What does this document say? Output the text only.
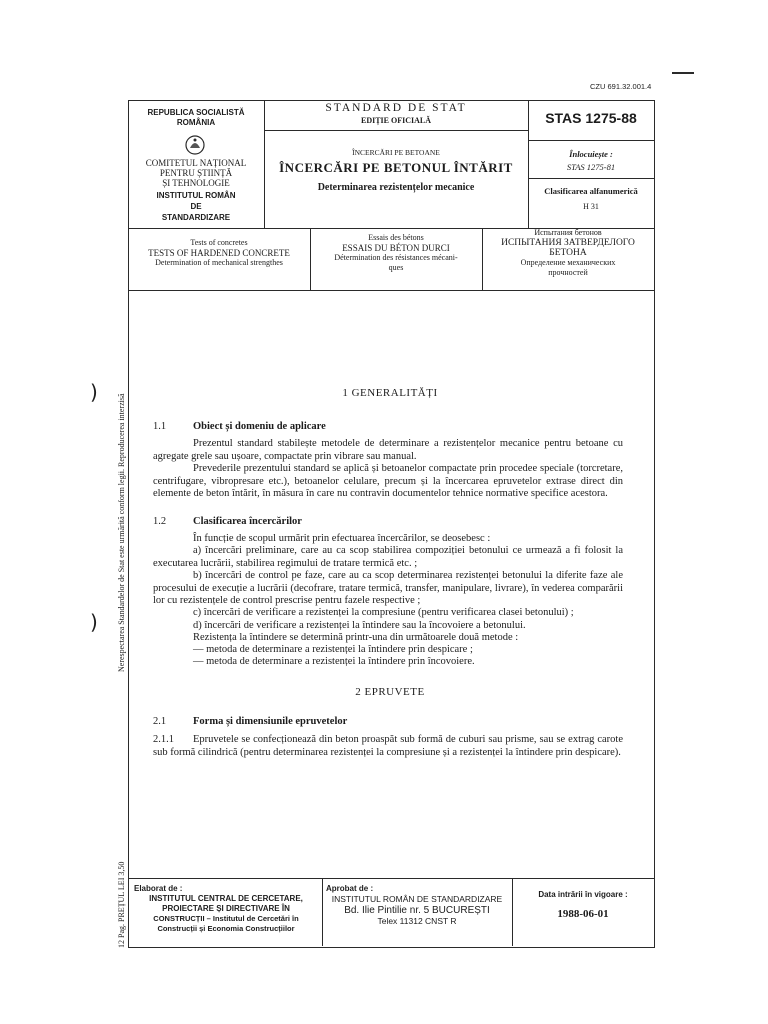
CZU 691.32.001.4
REPUBLICA SOCIALISTĂ
ROMÂNIA
COMITETUL NAȚIONAL
PENTRU ȘTIINȚĂ
ȘI TEHNOLOGIE
INSTITUTUL ROMÂN
DE
STANDARDIZARE
STANDARD DE STAT
EDIȚIE OFICIALĂ
ÎNCERCĂRI PE BETOANE
ÎNCERCĂRI PE BETONUL ÎNTĂRIT
Determinarea rezistențelor mecanice
STAS 1275-88
Înlocuiește :
STAS 1275-81
Clasificarea alfanumerică
H 31
Tests of concretes
TESTS OF HARDENED CONCRETE
Determination of mechanical strengthes
Essais des bétons
ESSAIS DU BÉTON DURCI
Détermination des résistances mécani-
ques
Испытания бетонов
ИСПЫТАНИЯ ЗАТВЕРДЕЛОГО
БЕТОНА
Определение механических
прочностей
Nerespectarea Standardelor de Stat este urmărită conform legii. Reproducerea interzisă
12 Pag. PREȚUL LEI 3,50
)
)
1 GENERALITĂȚI
1.1	Obiect și domeniu de aplicare
Prezentul standard stabilește metodele de determinare a rezistențelor mecanice pentru betoane cu agregate grele sau ușoare, compactate prin vibrare sau manual.
Prevederile prezentului standard se aplică și betoanelor compactate prin procedee speciale (torcretare, centrifugare, vibropresare etc.), betoanelor celulare, precum și la încercarea epruvetelor extrase direct din elemente de beton întărit, în măsura în care nu contravin documentelor tehnice normative specifice acestora.
1.2	Clasificarea încercărilor
În funcție de scopul urmărit prin efectuarea încercărilor, se deosebesc :
a) încercări preliminare, care au ca scop stabilirea compoziției betonului ce urmează a fi folosit la executarea lucrării, stabilirea regimului de tratare termică etc. ;
b) încercări de control pe faze, care au ca scop determinarea rezistenței betonului la diferite faze ale procesului de execuție a lucrării (decofrare, tratare termică, transfer, manipulare, livrare), în vederea comparării lor cu rezistențele de control prescrise pentru fazele respective ;
c) încercări de verificare a rezistenței la compresiune (pentru verificarea clasei betonului) ;
d) încercări de verificare a rezistenței la întindere sau la încovoiere a betonului.
Rezistența la întindere se determină printr-una din următoarele două metode :
— metoda de determinare a rezistenței la întindere prin despicare ;
— metoda de determinare a rezistenței la întindere prin încovoiere.
2 EPRUVETE
2.1	Forma și dimensiunile epruvetelor
2.1.1	Epruvetele se confecționează din beton proaspăt sub formă de cuburi sau prisme, sau se extrag carote sub formă cilindrică (pentru determinarea rezistenței la compresiune și a rezistenței la întindere prin despicare).
Elaborat de :
INSTITUTUL CENTRAL DE CERCETARE,
PROIECTARE ȘI DIRECTIVARE ÎN
CONSTRUCȚII – Institutul de Cercetări în
Construcții și Economia Construcțiilor
Aprobat de :
INSTITUTUL ROMÂN DE STANDARDIZARE
Bd. Ilie Pintilie nr. 5 BUCUREȘTI
Telex 11312 CNST R
Data intrării în vigoare :
1988-06-01
